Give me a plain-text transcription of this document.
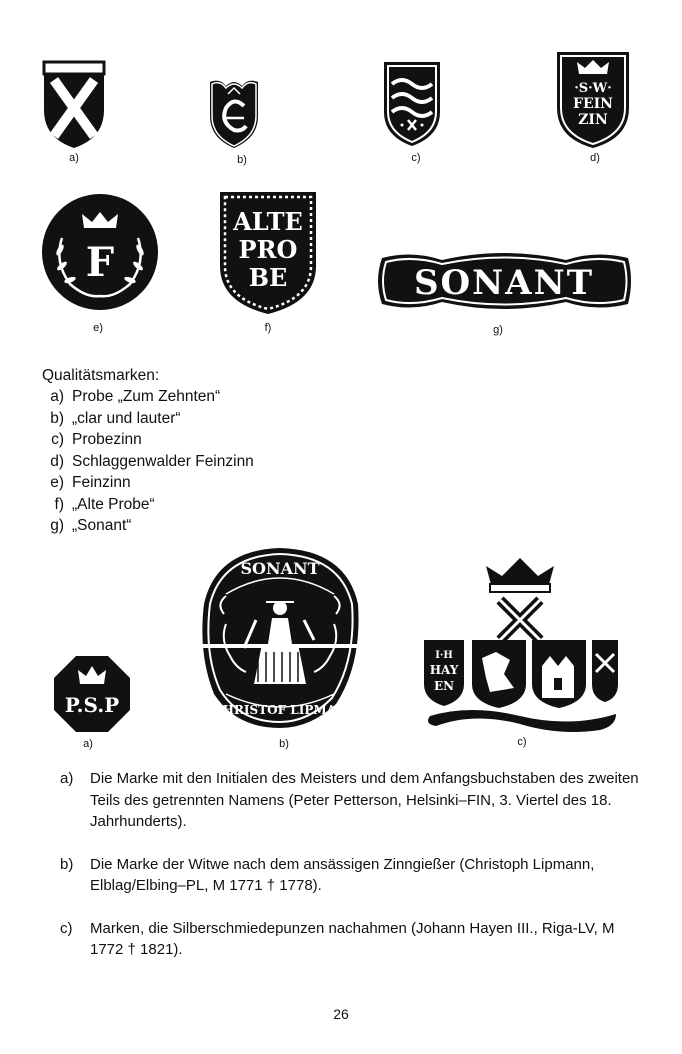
a)	b)	c)
·S·W·
FEIN
ZIN
d)
F
e)
ALTE
PRO
BE
f)
SONANT
g)
Qualitätsmarken:
a) Probe „Zum Zehnten“
b) „clar und lauter“
c) Probezinn
d) Schlaggenwalder Feinzinn
e) Feinzinn
f) „Alte Probe“
g) „Sonant“
P.S.P
a)
SONANT
CHRISTOF LIPMAN
b)
I·H
HAY
EN
c)
a) Die Marke mit den Initialen des Meisters und dem Anfangsbuchstaben des zweiten Teils des getrennten Namens (Peter Petterson, Helsinki–FIN, 3. Viertel des 18. Jahrhunderts).
b) Die Marke der Witwe nach dem ansässigen Zinngießer (Christoph Lipmann, Elblag/Elbing–PL, M 1771 † 1778).
c) Marken, die Silberschmiedepunzen nachahmen (Johann Hayen III., Riga-LV, M 1772 † 1821).
26
